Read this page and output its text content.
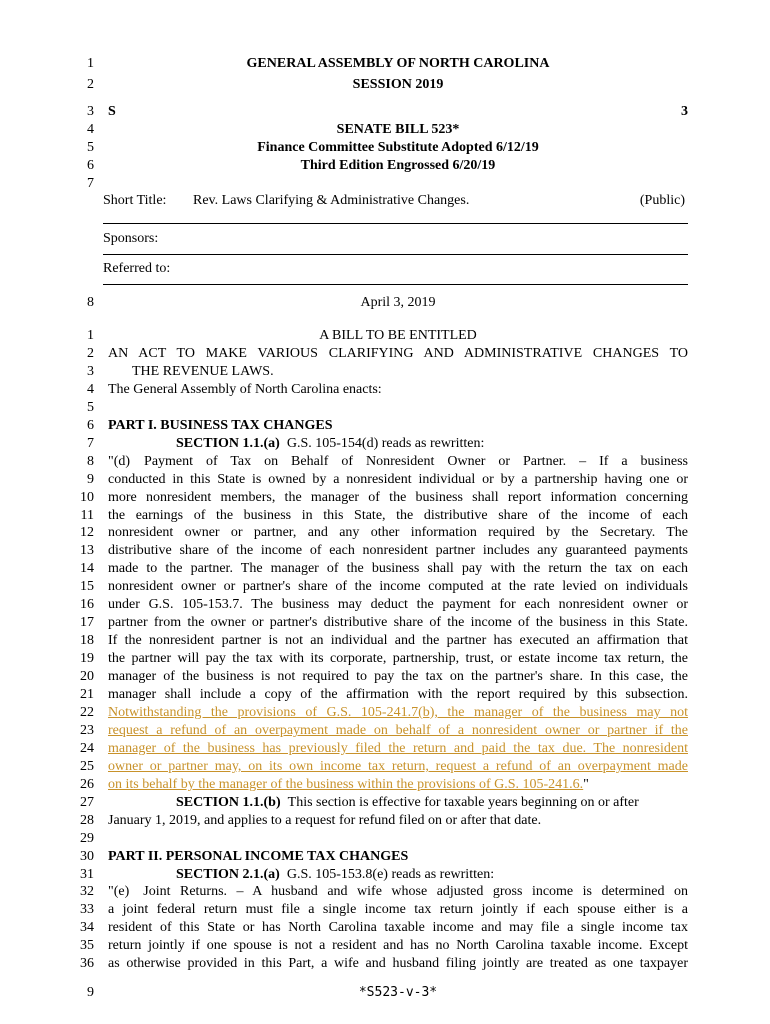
1
2
3
4
5
6
7
GENERAL ASSEMBLY OF NORTH CAROLINA
SESSION 2019
S	3
SENATE BILL 523*
Finance Committee Substitute Adopted 6/12/19
Third Edition Engrossed 6/20/19
Short Title: Rev. Laws Clarifying & Administrative Changes.	(Public)
Sponsors:
Referred to:
8	April 3, 2019
1	A BILL TO BE ENTITLED
2 AN ACT TO MAKE VARIOUS CLARIFYING AND ADMINISTRATIVE CHANGES TO
3	THE REVENUE LAWS.
4 The General Assembly of North Carolina enacts:
5
6 PART I. BUSINESS TAX CHANGES
7	SECTION 1.1.(a)  G.S. 105-154(d) reads as rewritten:
8 "(d) Payment of Tax on Behalf of Nonresident Owner or Partner. – If a business
9 conducted in this State is owned by a nonresident individual or by a partnership having one or
10 more nonresident members, the manager of the business shall report information concerning
11 the earnings of the business in this State, the distributive share of the income of each
12 nonresident owner or partner, and any other information required by the Secretary. The
13 distributive share of the income of each nonresident partner includes any guaranteed payments
14 made to the partner. The manager of the business shall pay with the return the tax on each
15 nonresident owner or partner's share of the income computed at the rate levied on individuals
16 under G.S. 105-153.7. The business may deduct the payment for each nonresident owner or
17 partner from the owner or partner's distributive share of the income of the business in this State.
18 If the nonresident partner is not an individual and the partner has executed an affirmation that
19 the partner will pay the tax with its corporate, partnership, trust, or estate income tax return, the
20 manager of the business is not required to pay the tax on the partner's share. In this case, the
21 manager shall include a copy of the affirmation with the report required by this subsection.
22 Notwithstanding the provisions of G.S. 105-241.7(b), the manager of the business may not
23 request a refund of an overpayment made on behalf of a nonresident owner or partner if the
24 manager of the business has previously filed the return and paid the tax due. The nonresident
25 owner or partner may, on its own income tax return, request a refund of an overpayment made
26 on its behalf by the manager of the business within the provisions of G.S. 105-241.6."
27	SECTION 1.1.(b)  This section is effective for taxable years beginning on or after
28 January 1, 2019, and applies to a request for refund filed on or after that date.
29
30 PART II. PERSONAL INCOME TAX CHANGES
31	SECTION 2.1.(a)  G.S. 105-153.8(e) reads as rewritten:
32 "(e) Joint Returns. – A husband and wife whose adjusted gross income is determined on
33 a joint federal return must file a single income tax return jointly if each spouse either is a
34 resident of this State or has North Carolina taxable income and may file a single income tax
35 return jointly if one spouse is not a resident and has no North Carolina taxable income. Except
36 as otherwise provided in this Part, a wife and husband filing jointly are treated as one taxpayer
9	*S523-v-3*
